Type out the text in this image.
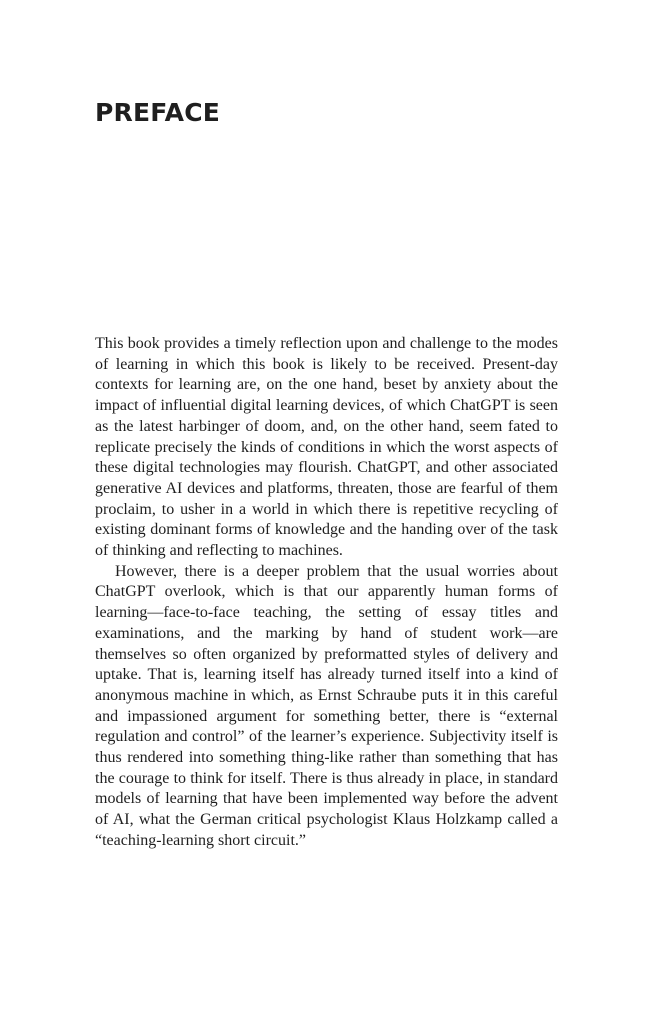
PREFACE

This book provides a timely reflection upon and challenge to the modes of learning in which this book is likely to be received. Present-day contexts for learning are, on the one hand, beset by anxiety about the impact of influential digital learning devices, of which ChatGPT is seen as the latest harbinger of doom, and, on the other hand, seem fated to replicate precisely the kinds of conditions in which the worst aspects of these digital technologies may flourish. ChatGPT, and other associated generative AI devices and platforms, threaten, those are fearful of them proclaim, to usher in a world in which there is repetitive recycling of existing dominant forms of knowledge and the handing over of the task of thinking and reflecting to machines.

However, there is a deeper problem that the usual worries about ChatGPT overlook, which is that our apparently human forms of learning—face-to-face teaching, the setting of essay titles and examinations, and the marking by hand of student work—are themselves so often organized by preformatted styles of delivery and uptake. That is, learning itself has already turned itself into a kind of anonymous machine in which, as Ernst Schraube puts it in this careful and impassioned argument for something better, there is “external regulation and control” of the learner’s experience. Subjectivity itself is thus rendered into something thing-like rather than something that has the courage to think for itself. There is thus already in place, in standard models of learning that have been implemented way before the advent of AI, what the German critical psychologist Klaus Holzkamp called a “teaching-learning short circuit.”
